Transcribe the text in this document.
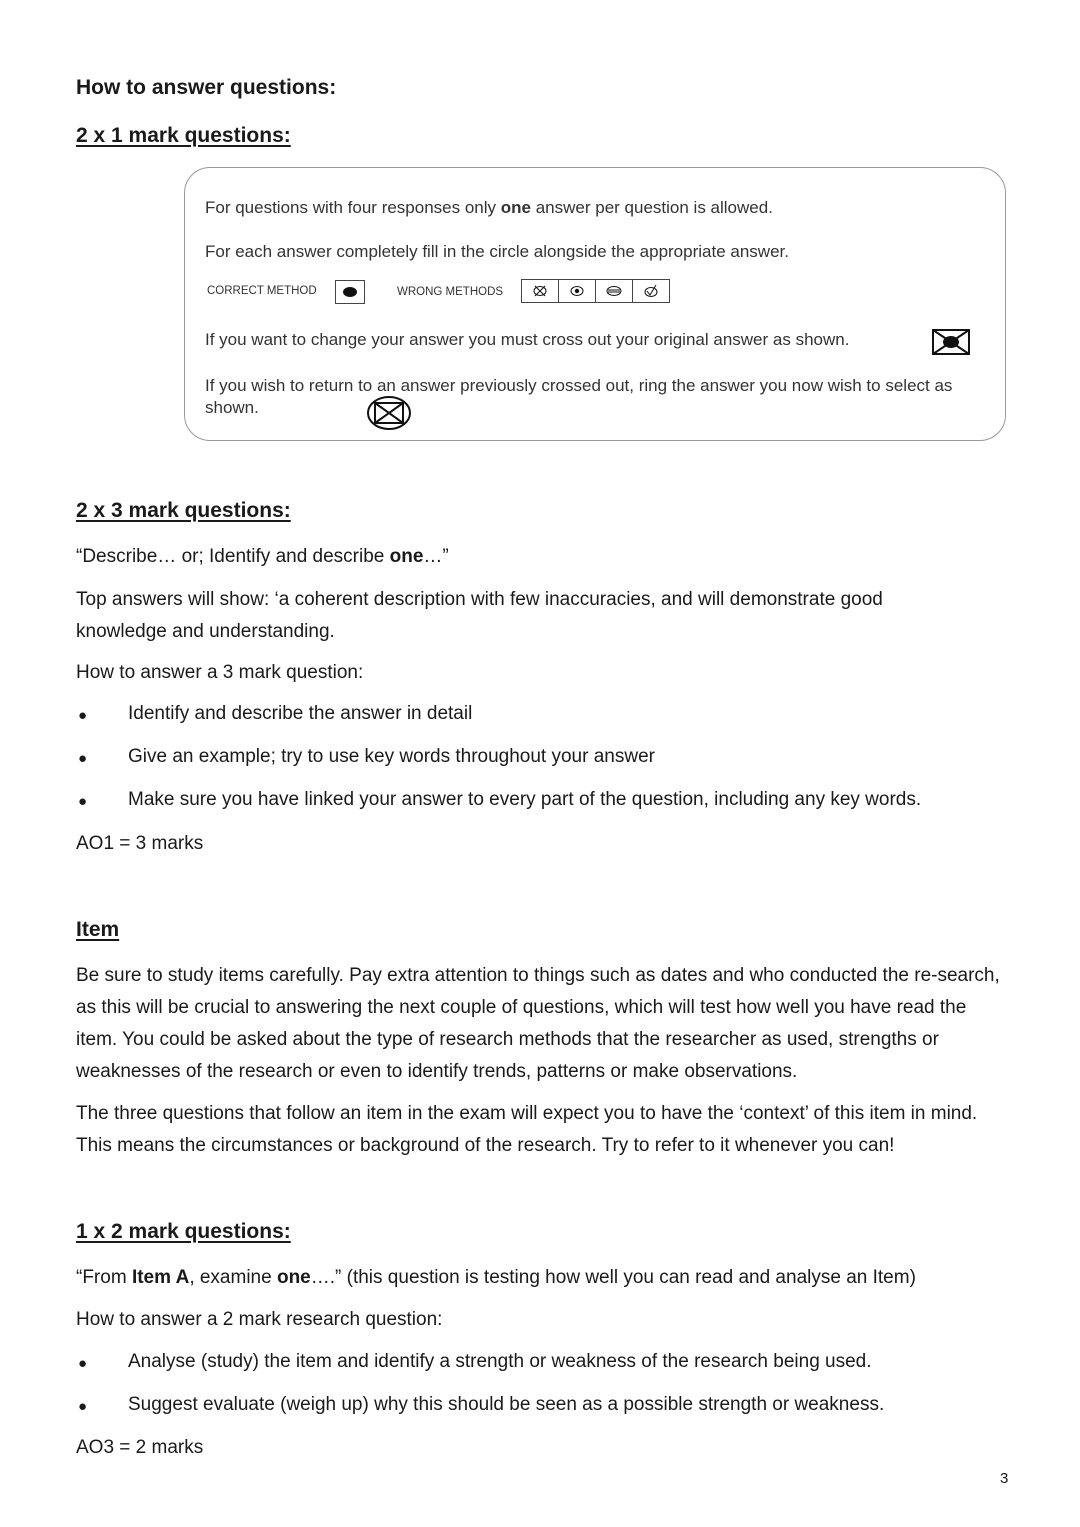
How to answer questions:
2 x 1 mark questions:
For questions with four responses only one answer per question is allowed.
For each answer completely fill in the circle alongside the appropriate answer.
CORRECT METHOD	WRONG METHODS
If you want to change your answer you must cross out your original answer as shown.
If you wish to return to an answer previously crossed out, ring the answer you now wish to select as shown.
2 x 3 mark questions:
“Describe… or; Identify and describe one…”
Top answers will show: ‘a coherent description with few inaccuracies, and will demonstrate good knowledge and understanding.
How to answer a 3 mark question:
● Identify and describe the answer in detail
● Give an example; try to use key words throughout your answer
● Make sure you have linked your answer to every part of the question, including any key words.
AO1 = 3 marks
Item
Be sure to study items carefully. Pay extra attention to things such as dates and who conducted the re-search, as this will be crucial to answering the next couple of questions, which will test how well you have read the item. You could be asked about the type of research methods that the researcher as used, strengths or weaknesses of the research or even to identify trends, patterns or make observations.
The three questions that follow an item in the exam will expect you to have the ‘context’ of this item in mind. This means the circumstances or background of the research. Try to refer to it whenever you can!
1 x 2 mark questions:
“From Item A, examine one….” (this question is testing how well you can read and analyse an Item)
How to answer a 2 mark research question:
● Analyse (study) the item and identify a strength or weakness of the research being used.
● Suggest evaluate (weigh up) why this should be seen as a possible strength or weakness.
AO3 = 2 marks
3
